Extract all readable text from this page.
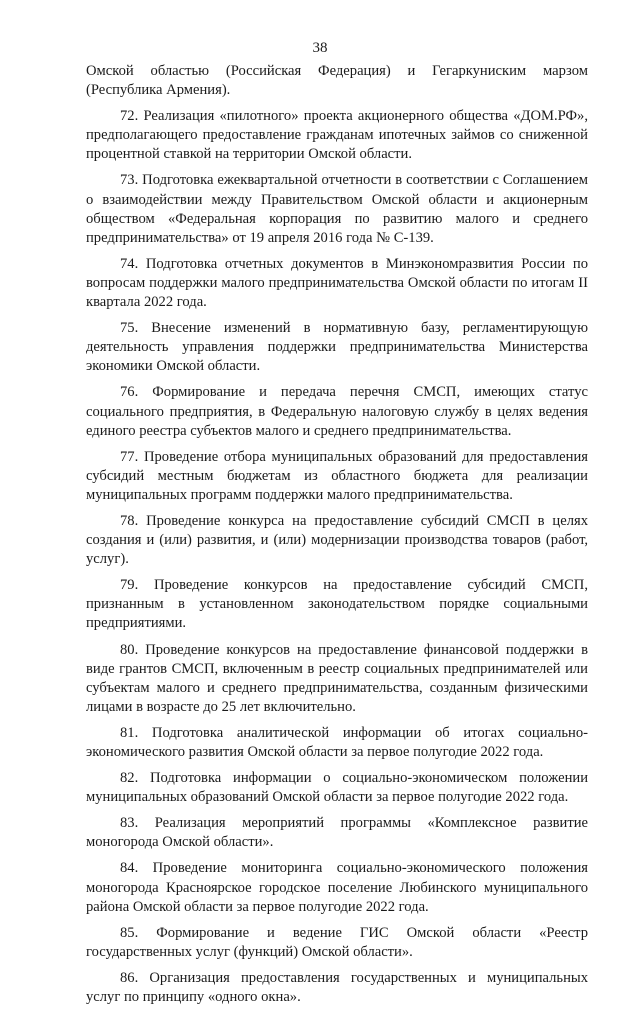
38

Омской областью (Российская Федерация) и Гегаркуниским марзом (Республика Армения).

72. Реализация «пилотного» проекта акционерного общества «ДОМ.РФ», предполагающего предоставление гражданам ипотечных займов со сниженной процентной ставкой на территории Омской области.

73. Подготовка ежеквартальной отчетности в соответствии с Соглашением о взаимодействии между Правительством Омской области и акционерным обществом «Федеральная корпорация по развитию малого и среднего предпринимательства» от 19 апреля 2016 года № С-139.

74. Подготовка отчетных документов в Минэкономразвития России по вопросам поддержки малого предпринимательства Омской области по итогам II квартала 2022 года.

75. Внесение изменений в нормативную базу, регламентирующую деятельность управления поддержки предпринимательства Министерства экономики Омской области.

76. Формирование и передача перечня СМСП, имеющих статус социального предприятия, в Федеральную налоговую службу в целях ведения единого реестра субъектов малого и среднего предпринимательства.

77. Проведение отбора муниципальных образований для предоставления субсидий местным бюджетам из областного бюджета для реализации муниципальных программ поддержки малого предпринимательства.

78. Проведение конкурса на предоставление субсидий СМСП в целях создания и (или) развития, и (или) модернизации производства товаров (работ, услуг).

79. Проведение конкурсов на предоставление субсидий СМСП, признанным в установленном законодательством порядке социальными предприятиями.

80. Проведение конкурсов на предоставление финансовой поддержки в виде грантов СМСП, включенным в реестр социальных предпринимателей или субъектам малого и среднего предпринимательства, созданным физическими лицами в возрасте до 25 лет включительно.

81. Подготовка аналитической информации об итогах социально-экономического развития Омской области за первое полугодие 2022 года.

82. Подготовка информации о социально-экономическом положении муниципальных образований Омской области за первое полугодие 2022 года.

83. Реализация мероприятий программы «Комплексное развитие моногорода Омской области».

84. Проведение мониторинга социально-экономического положения моногорода Красноярское городское поселение Любинского муниципального района Омской области за первое полугодие 2022 года.

85. Формирование и ведение ГИС Омской области «Реестр государственных услуг (функций) Омской области».

86. Организация предоставления государственных и муниципальных услуг по принципу «одного окна».
